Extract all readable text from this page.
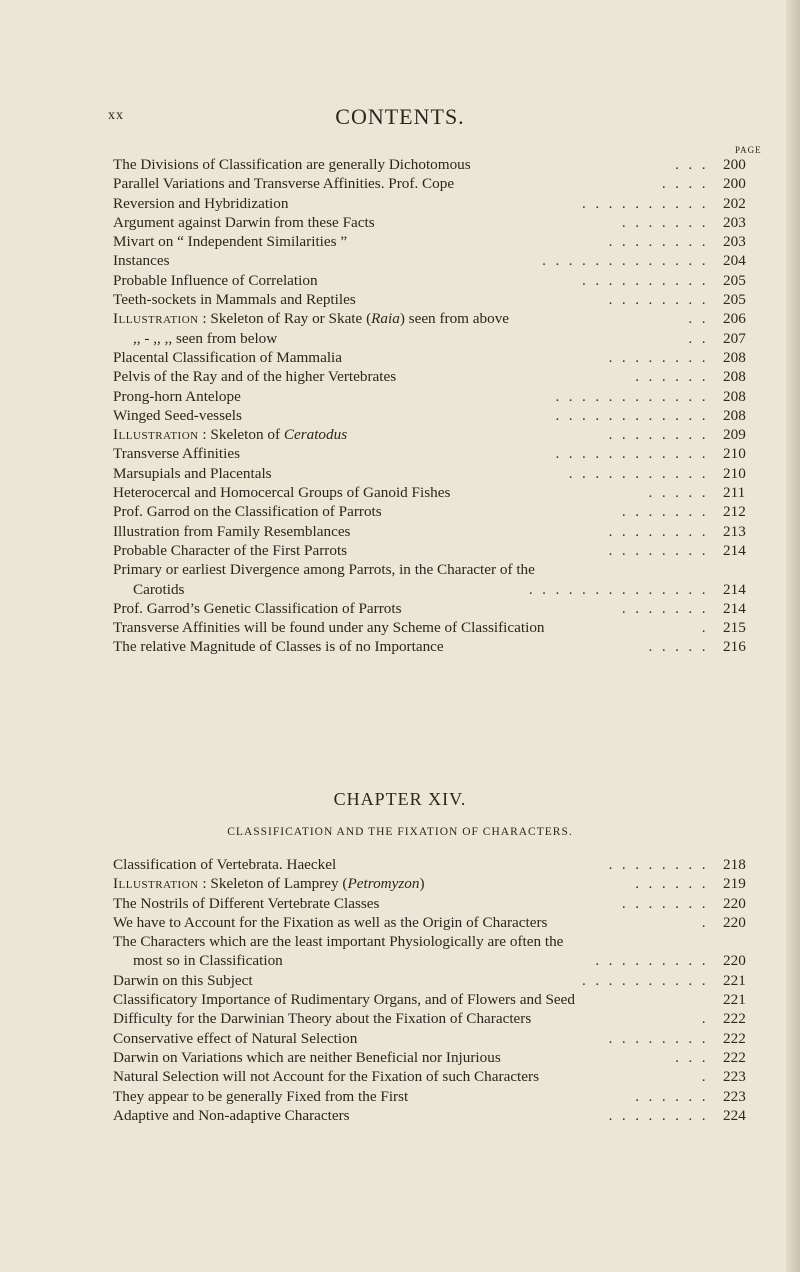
xx	CONTENTS.
PAGE
The Divisions of Classification are generally Dichotomous	... 200
Parallel Variations and Transverse Affinities. Prof. Cope	.... 200
Reversion and Hybridization	.......... 202
Argument against Darwin from these Facts	....... 203
Mivart on “ Independent Similarities ”	........ 203
Instances	............. 204
Probable Influence of Correlation	.......... 205
Teeth-sockets in Mammals and Reptiles	........ 205
Illustration : Skeleton of Ray or Skate (Raia) seen from above	.. 206
,, - ,, ,, seen from below	.. 207
Placental Classification of Mammalia	........ 208
Pelvis of the Ray and of the higher Vertebrates	...... 208
Prong-horn Antelope	............ 208
Winged Seed-vessels	............ 208
Illustration : Skeleton of Ceratodus	........ 209
Transverse Affinities	............ 210
Marsupials and Placentals	........... 210
Heterocercal and Homocercal Groups of Ganoid Fishes	..... 211
Prof. Garrod on the Classification of Parrots	....... 212
Illustration from Family Resemblances	........ 213
Probable Character of the First Parrots	........ 214
Primary or earliest Divergence among Parrots, in the Character of the
Carotids	.............. 214
Prof. Garrod’s Genetic Classification of Parrots	....... 214
Transverse Affinities will be found under any Scheme of Classification	. 215
The relative Magnitude of Classes is of no Importance	..... 216
CHAPTER XIV.
CLASSIFICATION AND THE FIXATION OF CHARACTERS.
Classification of Vertebrata. Haeckel	........ 218
Illustration : Skeleton of Lamprey (Petromyzon)	...... 219
The Nostrils of Different Vertebrate Classes	....... 220
We have to Account for the Fixation as well as the Origin of Characters	. 220
The Characters which are the least important Physiologically are often the
most so in Classification	......... 220
Darwin on this Subject	.......... 221
Classificatory Importance of Rudimentary Organs, and of Flowers and Seed	221
Difficulty for the Darwinian Theory about the Fixation of Characters	. 222
Conservative effect of Natural Selection	........ 222
Darwin on Variations which are neither Beneficial nor Injurious	... 222
Natural Selection will not Account for the Fixation of such Characters	. 223
They appear to be generally Fixed from the First	...... 223
Adaptive and Non-adaptive Characters	........ 224
